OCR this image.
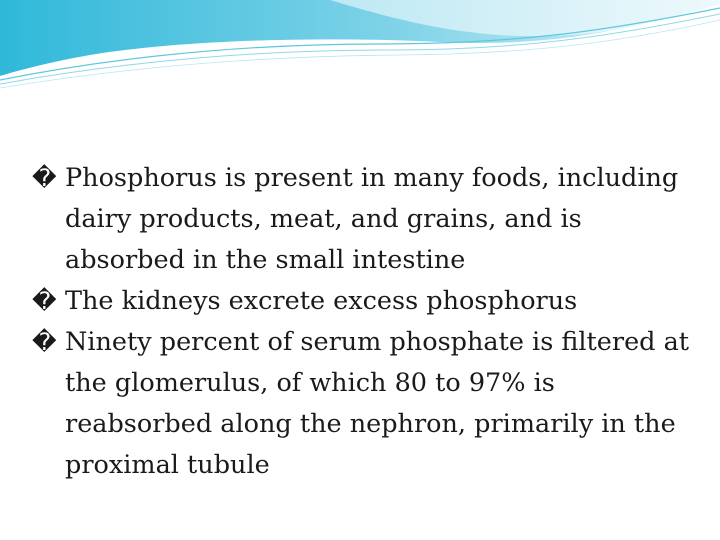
� Phosphorus is present in many foods, including dairy products, meat, and grains, and is absorbed in the small intestine
� The kidneys excrete excess phosphorus
� Ninety percent of serum phosphate is filtered at the glomerulus, of which 80 to 97% is reabsorbed along the nephron, primarily in the proximal tubule
